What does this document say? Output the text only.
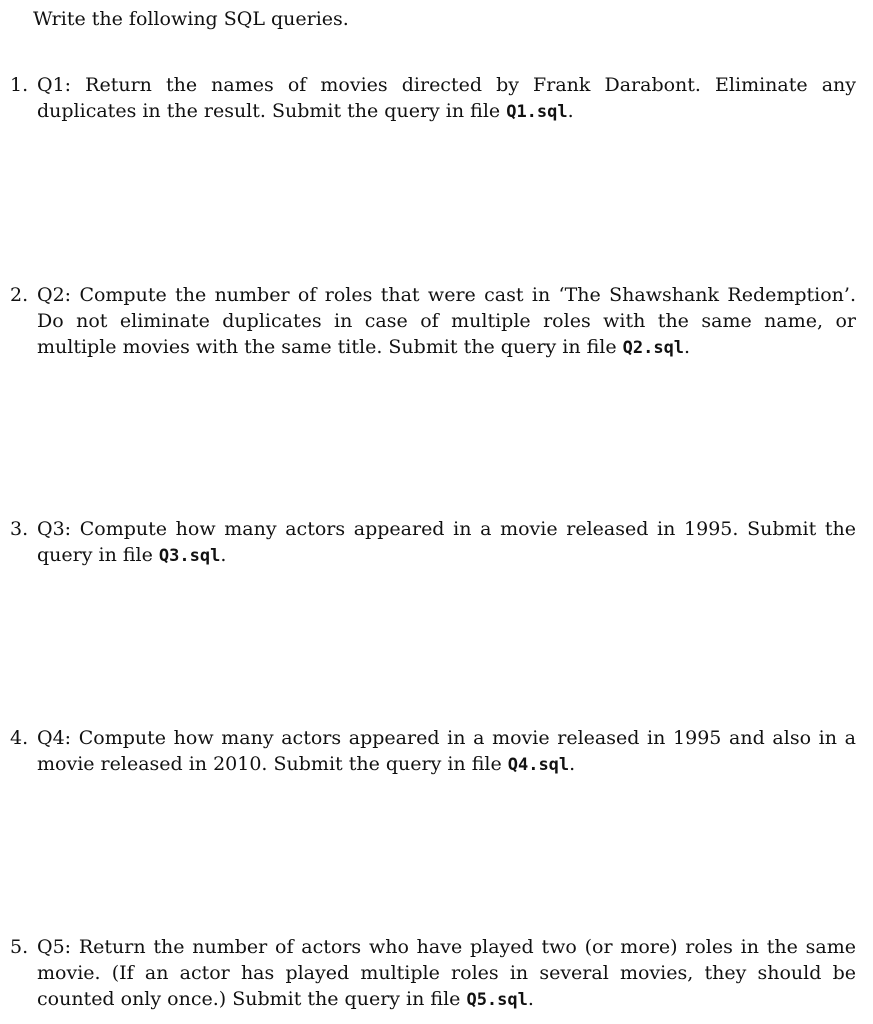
Write the following SQL queries.
1. Q1: Return the names of movies directed by Frank Darabont. Eliminate any duplicates in the result. Submit the query in file Q1.sql.
2. Q2: Compute the number of roles that were cast in ‘The Shawshank Redemption’. Do not eliminate duplicates in case of multiple roles with the same name, or multiple movies with the same title. Submit the query in file Q2.sql.
3. Q3: Compute how many actors appeared in a movie released in 1995. Submit the query in file Q3.sql.
4. Q4: Compute how many actors appeared in a movie released in 1995 and also in a movie released in 2010. Submit the query in file Q4.sql.
5. Q5: Return the number of actors who have played two (or more) roles in the same movie. (If an actor has played multiple roles in several movies, they should be counted only once.) Submit the query in file Q5.sql.
